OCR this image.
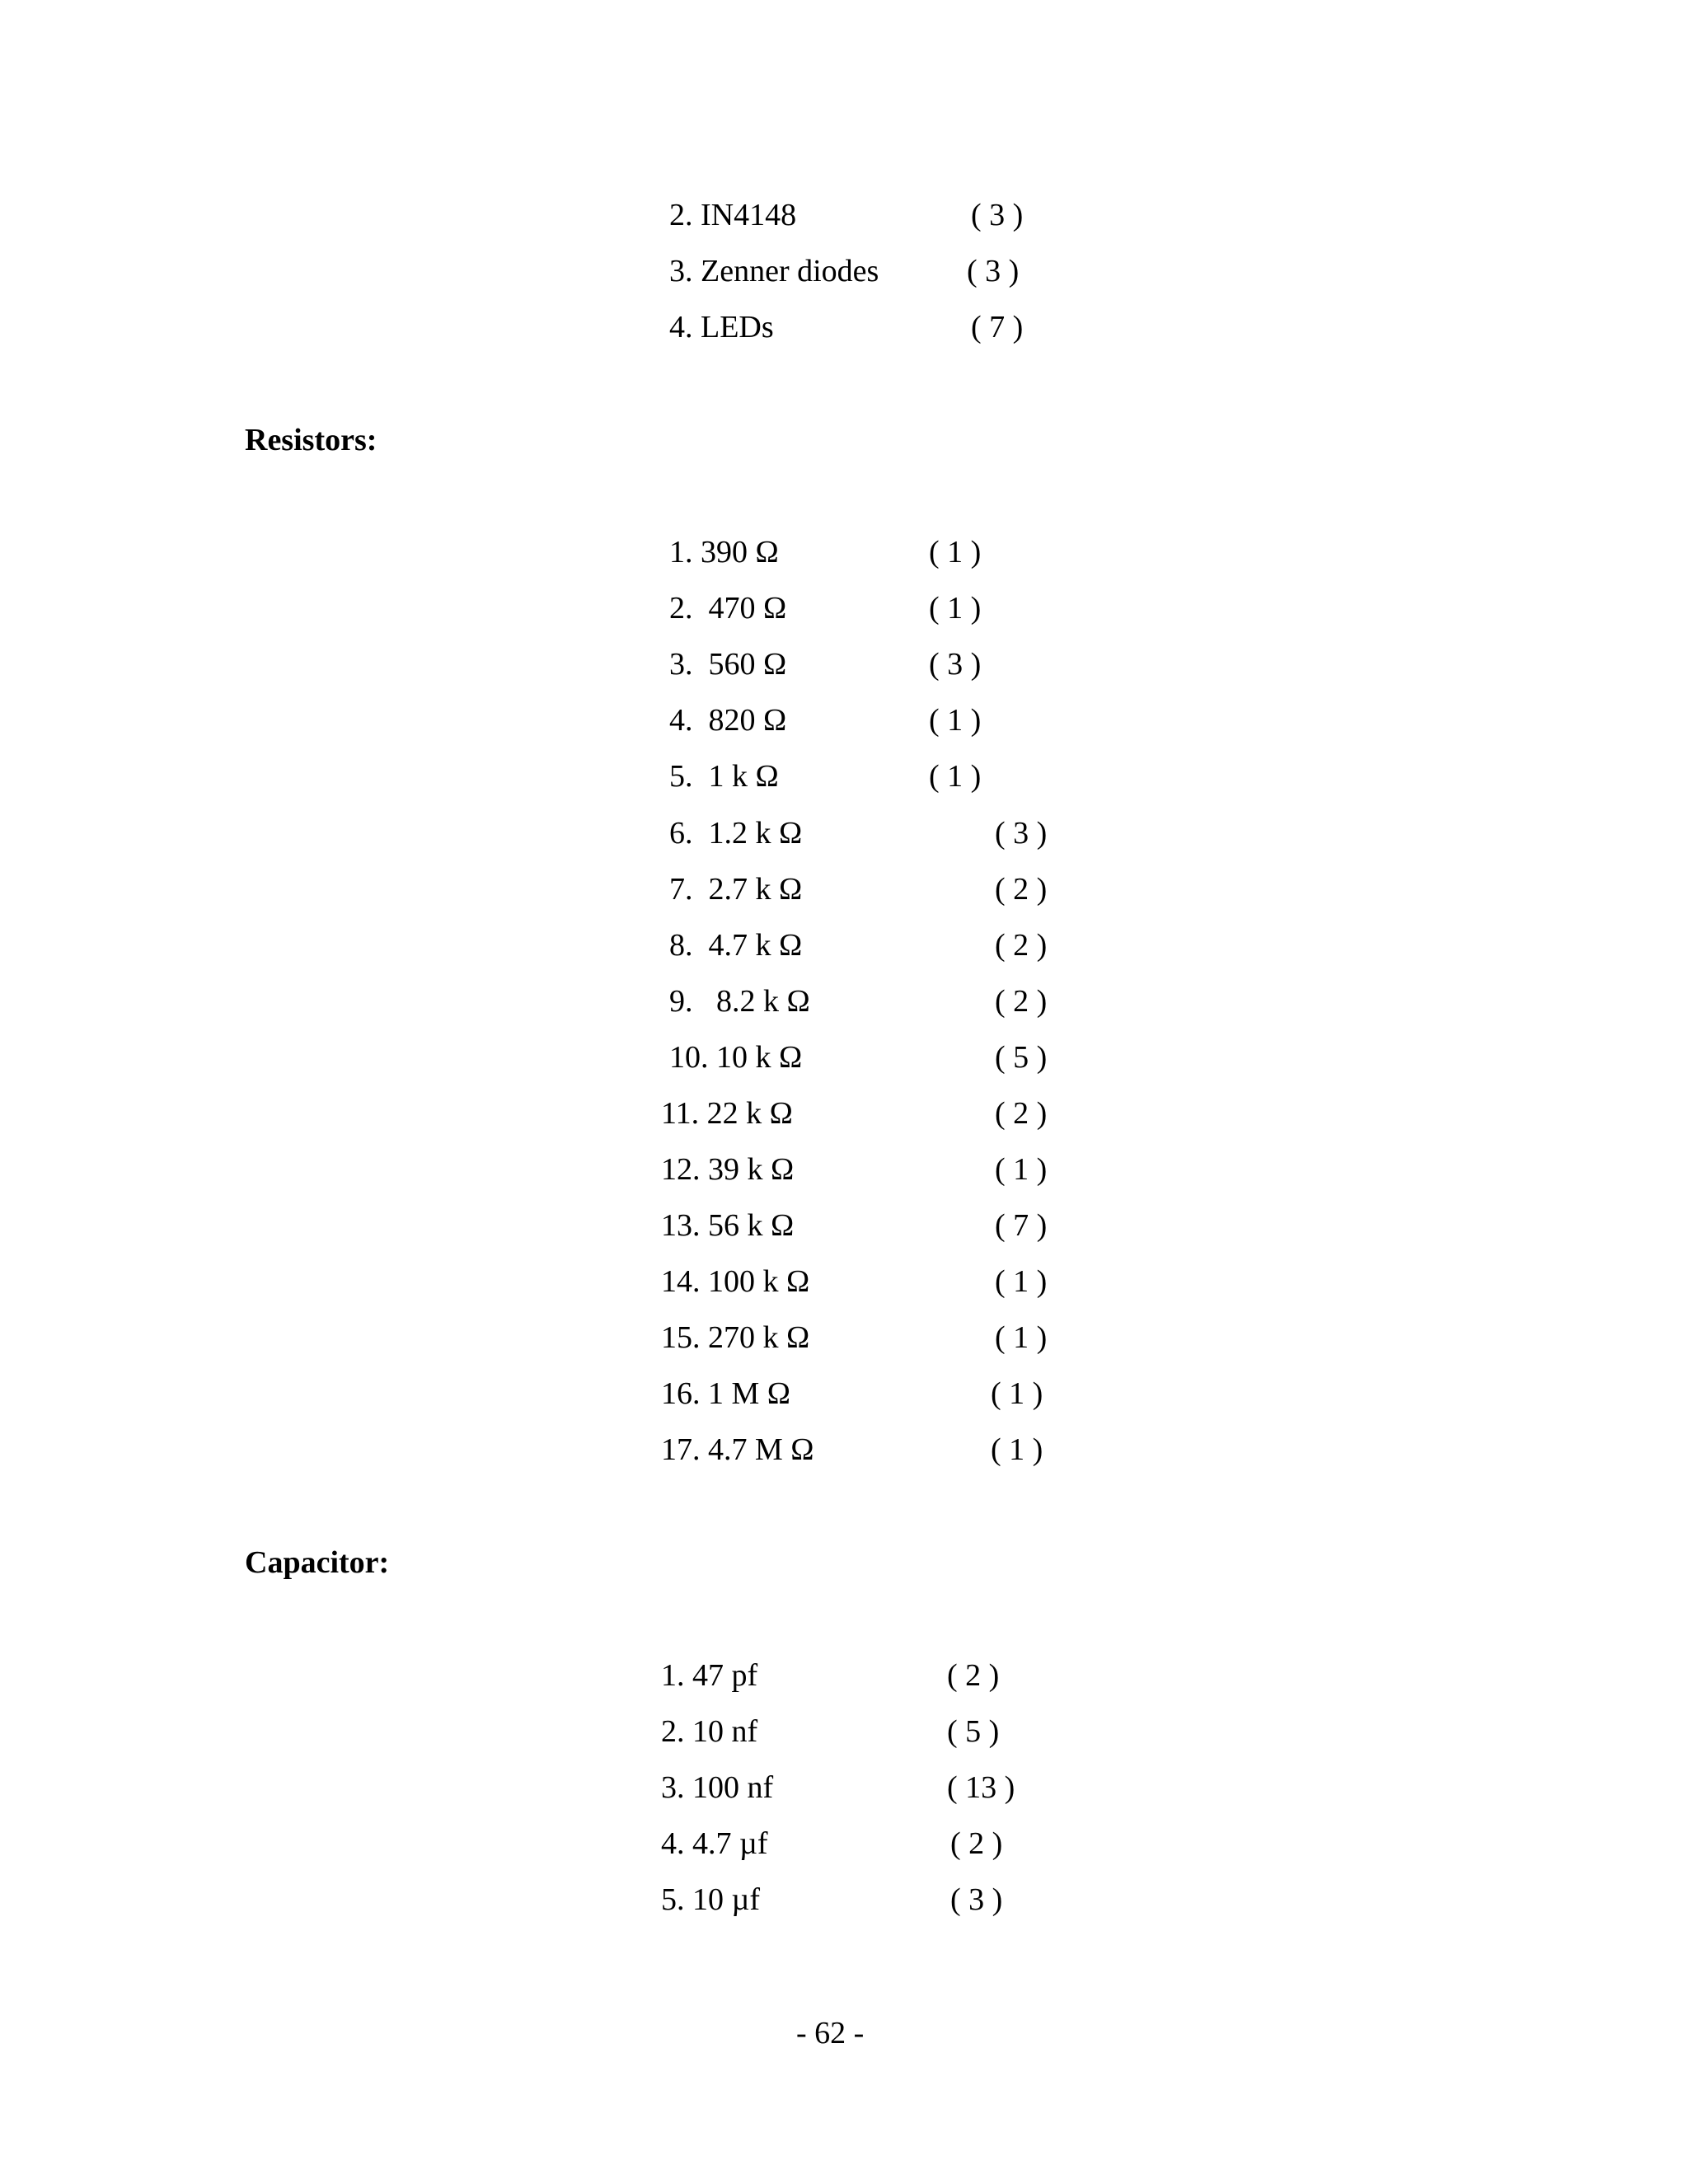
2. IN4148	( 3 )
3. Zenner diodes	( 3 )
4. LEDs	( 7 )
Resistors:
1. 390 Ω	( 1 )
2.  470 Ω	( 1 )
3.  560 Ω	( 3 )
4.  820 Ω	( 1 )
5.  1 k Ω	( 1 )
6.  1.2 k Ω	( 3 )
7.  2.7 k Ω	( 2 )
8.  4.7 k Ω	( 2 )
9.   8.2 k Ω	( 2 )
10. 10 k Ω	( 5 )
11. 22 k Ω	( 2 )
12. 39 k Ω	( 1 )
13. 56 k Ω	( 7 )
14. 100 k Ω	( 1 )
15. 270 k Ω	( 1 )
16. 1 M Ω	( 1 )
17. 4.7 M Ω	( 1 )
Capacitor:
1. 47 pf	( 2 )
2. 10 nf	( 5 )
3. 100 nf	( 13 )
4. 4.7 µf	( 2 )
5. 10 µf	( 3 )
- 62 -
